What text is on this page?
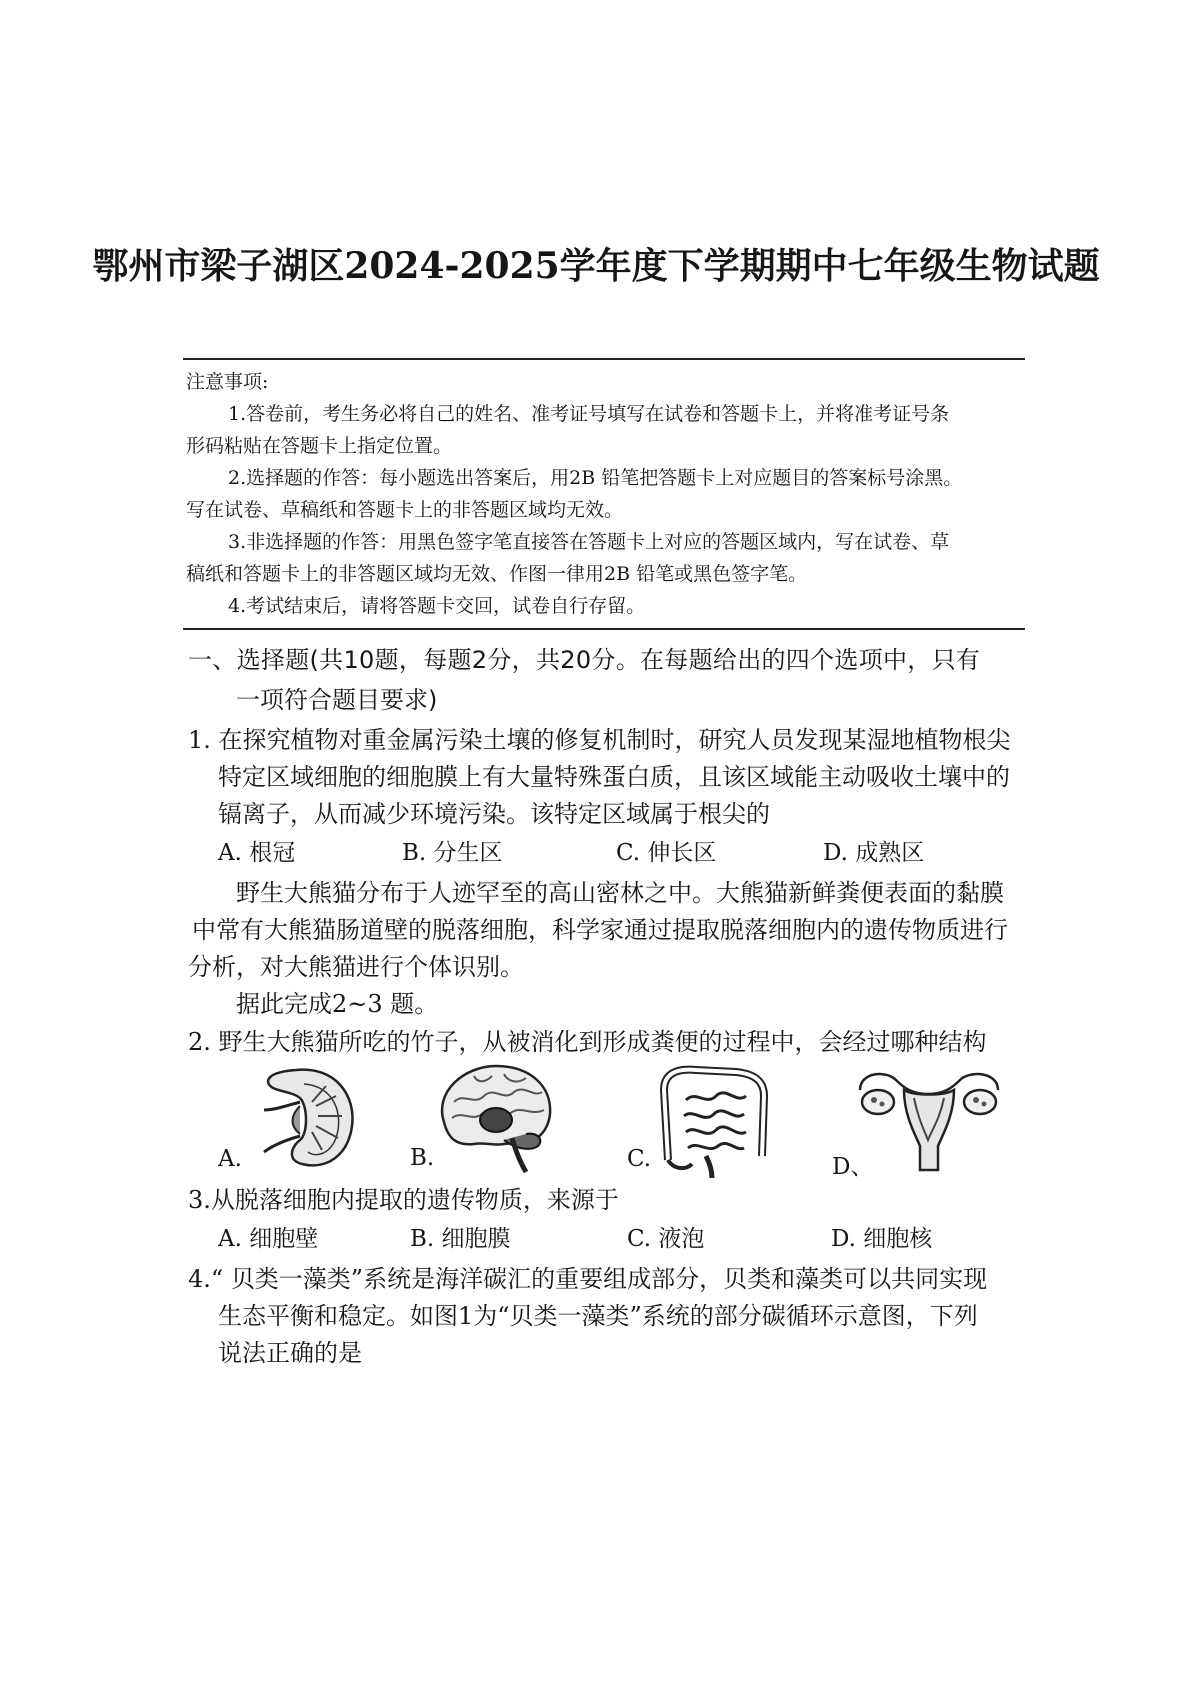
鄂州市梁子湖区2024-2025学年度下学期期中七年级生物试题
注意事项:
1.答卷前，考生务必将自己的姓名、准考证号填写在试卷和答题卡上，并将准考证号条
形码粘贴在答题卡上指定位置。
2.选择题的作答：每小题选出答案后，用2B 铅笔把答题卡上对应题目的答案标号涂黑。
写在试卷、草稿纸和答题卡上的非答题区域均无效。
3.非选择题的作答：用黑色签字笔直接答在答题卡上对应的答题区域内，写在试卷、草
稿纸和答题卡上的非答题区域均无效、作图一律用2B 铅笔或黑色签字笔。
4.考试结束后，请将答题卡交回，试卷自行存留。
一、选择题(共10题，每题2分，共20分。在每题给出的四个选项中，只有
一项符合题目要求)
1. 在探究植物对重金属污染土壤的修复机制时，研究人员发现某湿地植物根尖
特定区域细胞的细胞膜上有大量特殊蛋白质，且该区域能主动吸收土壤中的
镉离子，从而减少环境污染。该特定区域属于根尖的
A. 根冠	B. 分生区	C. 伸长区	D. 成熟区
野生大熊猫分布于人迹罕至的高山密林之中。大熊猫新鲜粪便表面的黏膜
中常有大熊猫肠道壁的脱落细胞，科学家通过提取脱落细胞内的遗传物质进行
分析，对大熊猫进行个体识别。
据此完成2~3 题。
2. 野生大熊猫所吃的竹子，从被消化到形成粪便的过程中，会经过哪种结构
A.	B.	C.	D、
3.从脱落细胞内提取的遗传物质，来源于
A. 细胞壁	B. 细胞膜	C. 液泡	D. 细胞核
4.“ 贝类一藻类”系统是海洋碳汇的重要组成部分，贝类和藻类可以共同实现
生态平衡和稳定。如图1为“贝类一藻类”系统的部分碳循环示意图，下列
说法正确的是
